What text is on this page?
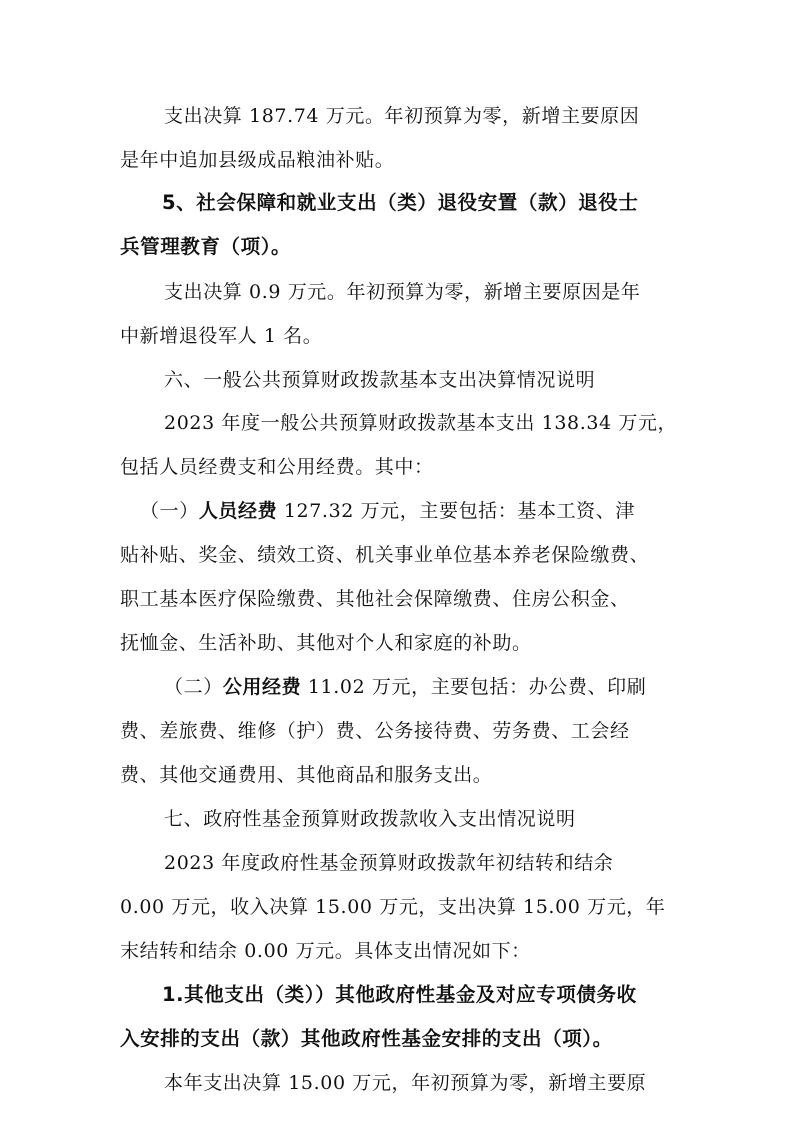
支出决算 187.74 万元。年初预算为零，新增主要原因
是年中追加县级成品粮油补贴。
5、社会保障和就业支出（类）退役安置（款）退役士
兵管理教育（项）。
支出决算 0.9 万元。年初预算为零，新增主要原因是年
中新增退役军人 1 名。
六、一般公共预算财政拨款基本支出决算情况说明
2023 年度一般公共预算财政拨款基本支出 138.34 万元，
包括人员经费支和公用经费。其中：
（一）人员经费 127.32 万元，主要包括：基本工资、津
贴补贴、奖金、绩效工资、机关事业单位基本养老保险缴费、
职工基本医疗保险缴费、其他社会保障缴费、住房公积金、
抚恤金、生活补助、其他对个人和家庭的补助。
（二）公用经费 11.02 万元，主要包括：办公费、印刷
费、差旅费、维修（护）费、公务接待费、劳务费、工会经
费、其他交通费用、其他商品和服务支出。
七、政府性基金预算财政拨款收入支出情况说明
2023 年度政府性基金预算财政拨款年初结转和结余
0.00 万元，收入决算 15.00 万元，支出决算 15.00 万元，年
末结转和结余 0.00 万元。具体支出情况如下：
1.其他支出（类））其他政府性基金及对应专项债务收
入安排的支出（款）其他政府性基金安排的支出（项）。
本年支出决算 15.00 万元，年初预算为零，新增主要原
